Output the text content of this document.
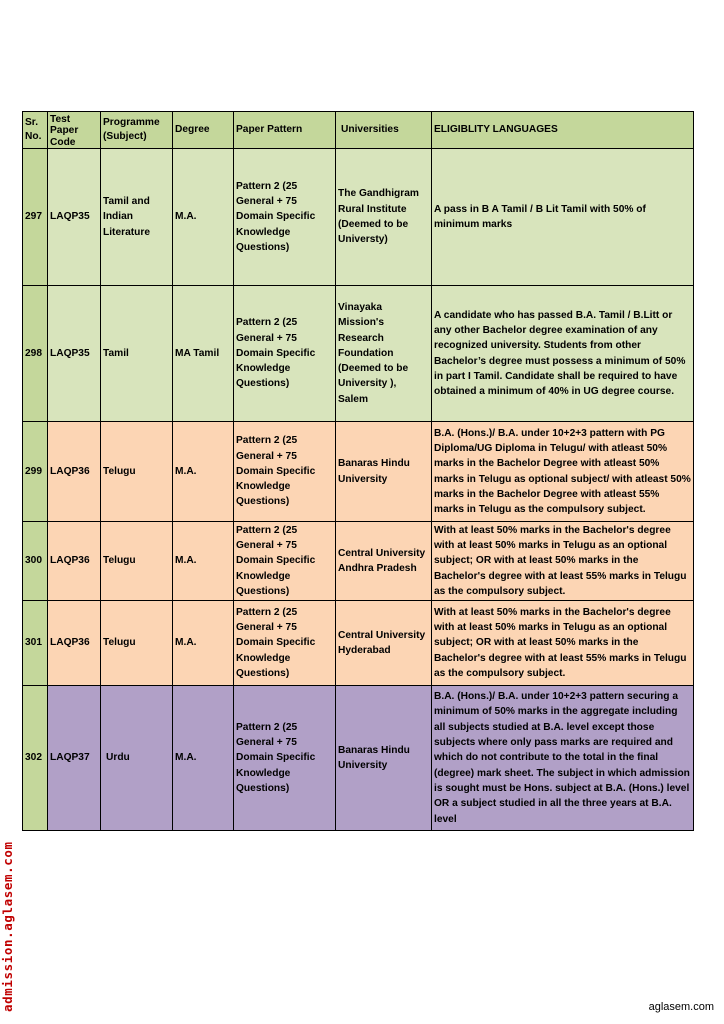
Sr. No.	Test Paper Code	Programme (Subject)	Degree	Paper Pattern	Universities	ELIGIBLITY LANGUAGES
297	LAQP35	Tamil and Indian Literature	M.A.	Pattern 2 (25 General + 75 Domain Specific Knowledge Questions)	The Gandhigram Rural Institute (Deemed to be Universty)	A pass in B A Tamil / B Lit Tamil with 50% of minimum marks
298	LAQP35	Tamil	MA Tamil	Pattern 2 (25 General + 75 Domain Specific Knowledge Questions)	Vinayaka Mission's Research Foundation (Deemed to be University ), Salem	A candidate who has passed B.A. Tamil / B.Litt or any other Bachelor degree examination of any recognized university. Students from other Bachelor’s degree must possess a minimum of 50% in part I Tamil. Candidate shall be required to have obtained a minimum of 40% in UG degree course.
299	LAQP36	Telugu	M.A.	Pattern 2 (25 General + 75 Domain Specific Knowledge Questions)	Banaras Hindu University	B.A. (Hons.)/ B.A. under 10+2+3 pattern with PG Diploma/UG Diploma in Telugu/ with atleast 50% marks in the Bachelor Degree with atleast 50% marks in Telugu as optional subject/ with atleast 50% marks in the Bachelor Degree with atleast 55% marks in Telugu as the compulsory subject.
300	LAQP36	Telugu	M.A.	Pattern 2 (25 General + 75 Domain Specific Knowledge Questions)	Central University Andhra Pradesh	With at least 50% marks in the Bachelor's degree with at least 50% marks in Telugu as an optional subject; OR with at least 50% marks in the Bachelor's degree with at least 55% marks in Telugu as the compulsory subject.
301	LAQP36	Telugu	M.A.	Pattern 2 (25 General + 75 Domain Specific Knowledge Questions)	Central University Hyderabad	With at least 50% marks in the Bachelor's degree with at least 50% marks in Telugu as an optional subject; OR with at least 50% marks in the Bachelor's degree with at least 55% marks in Telugu as the compulsory subject.
302	LAQP37	Urdu	M.A.	Pattern 2 (25 General + 75 Domain Specific Knowledge Questions)	Banaras Hindu University	B.A. (Hons.)/ B.A. under 10+2+3 pattern securing a minimum of 50% marks in the aggregate including all subjects studied at B.A. level except those subjects where only pass marks are required and which do not contribute to the total in the final (degree) mark sheet. The subject in which admission is sought must be Hons. subject at B.A. (Hons.) level OR a subject studied in all the three years at B.A. level
admission.aglasem.com	aglasem.com
